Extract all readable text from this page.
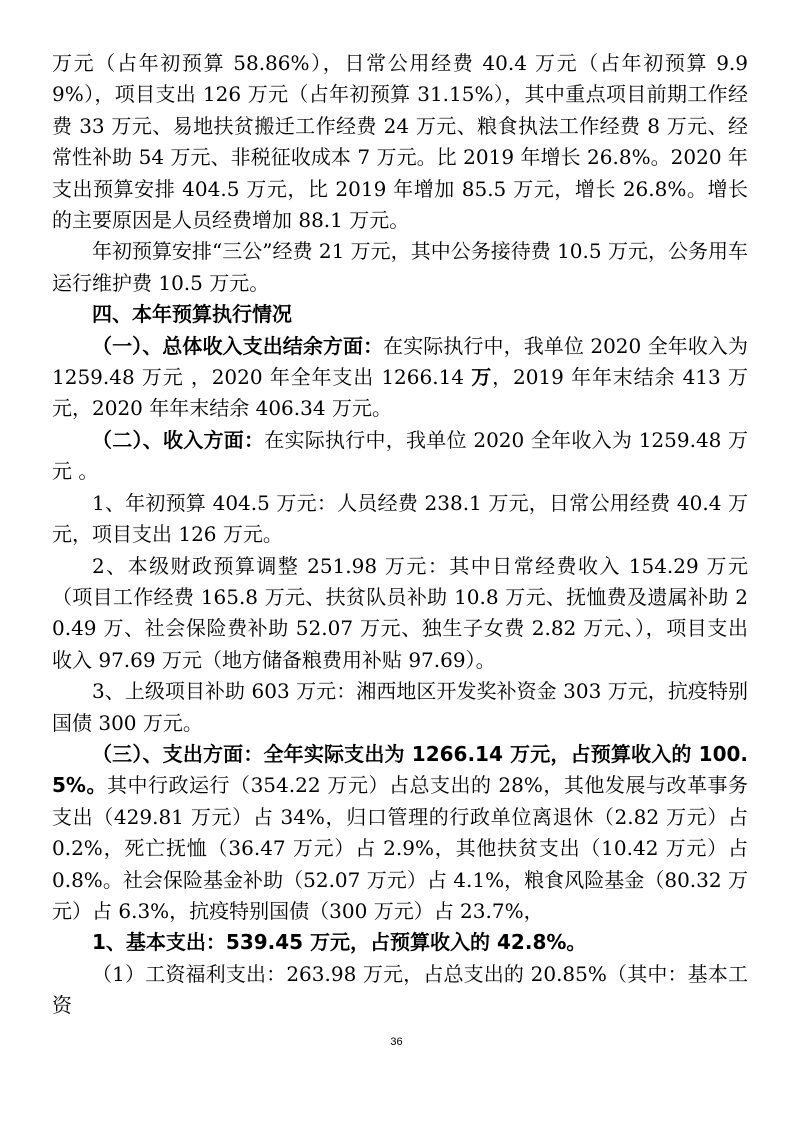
万元（占年初预算 58.86%），日常公用经费 40.4 万元（占年初预算 9.99%），项目支出 126 万元（占年初预算 31.15%），其中重点项目前期工作经费 33 万元、易地扶贫搬迁工作经费 24 万元、粮食执法工作经费 8 万元、经常性补助 54 万元、非税征收成本 7 万元。比 2019 年增长 26.8%。2020 年支出预算安排 404.5 万元，比 2019 年增加 85.5 万元，增长 26.8%。增长的主要原因是人员经费增加 88.1 万元。

年初预算安排“三公”经费 21 万元，其中公务接待费 10.5 万元，公务用车运行维护费 10.5 万元。

四、本年预算执行情况

（一）、总体收入支出结余方面：在实际执行中，我单位 2020 全年收入为 1259.48 万元 ，2020 年全年支出 1266.14 万，2019 年年末结余 413 万元，2020 年年末结余 406.34 万元。

（二）、收入方面：在实际执行中，我单位 2020 全年收入为 1259.48 万元 。

1、年初预算 404.5 万元：人员经费 238.1 万元，日常公用经费 40.4 万元，项目支出 126 万元。

2、本级财政预算调整 251.98 万元：其中日常经费收入 154.29 万元（项目工作经费 165.8 万元、扶贫队员补助 10.8 万元、抚恤费及遗属补助 20.49 万、社会保险费补助 52.07 万元、独生子女费 2.82 万元、），项目支出收入 97.69 万元（地方储备粮费用补贴 97.69）。

3、上级项目补助 603 万元：湘西地区开发奖补资金 303 万元，抗疫特别国债 300 万元。

（三）、支出方面：全年实际支出为 1266.14 万元，占预算收入的 100.5%。其中行政运行（354.22 万元）占总支出的 28%，其他发展与改革事务支出（429.81 万元）占 34%，归口管理的行政单位离退休（2.82 万元）占 0.2%，死亡抚恤（36.47 万元）占 2.9%，其他扶贫支出（10.42 万元）占 0.8%。社会保险基金补助（52.07 万元）占 4.1%，粮食风险基金（80.32 万元）占 6.3%，抗疫特别国债（300 万元）占 23.7%，

1、基本支出：539.45 万元，占预算收入的 42.8%。

（1）工资福利支出：263.98 万元，占总支出的 20.85%（其中：基本工资

36
